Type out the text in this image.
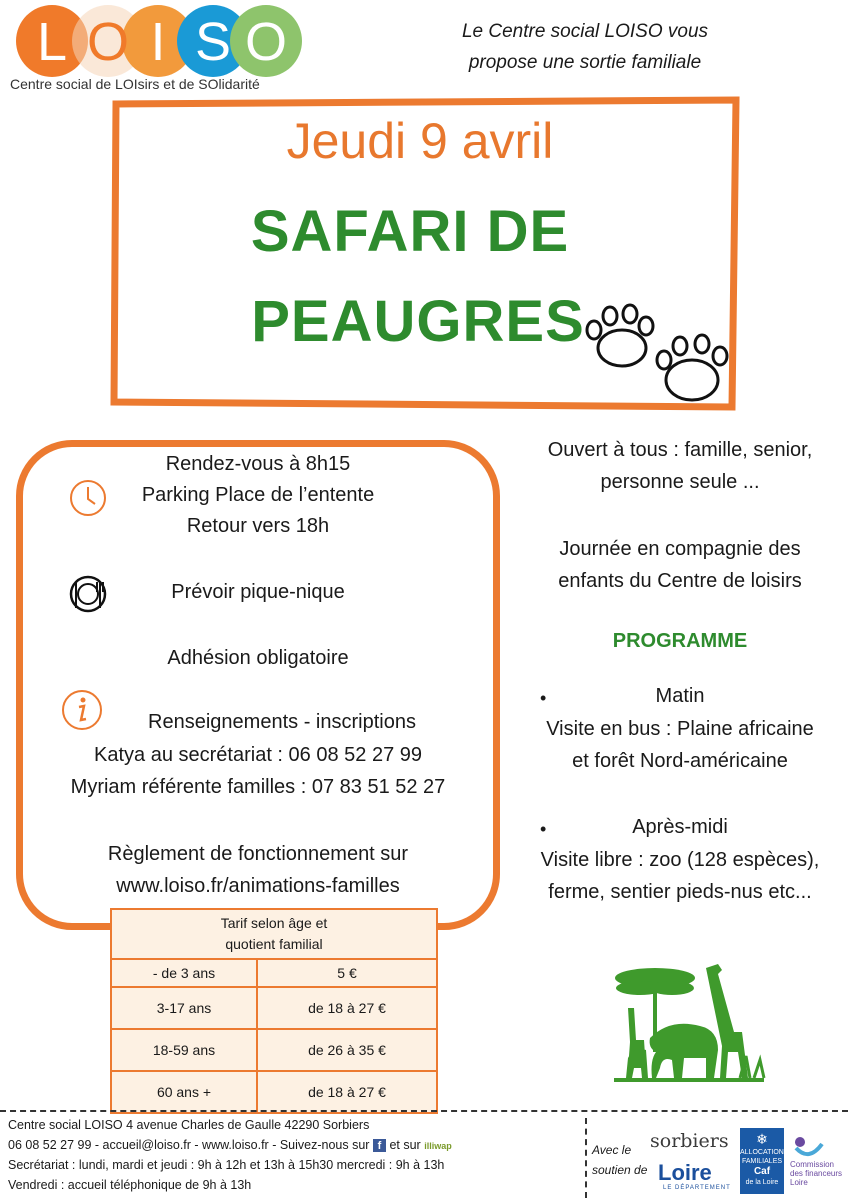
L O I S O
Centre social de LOIsirs et de SOlidarité
Le Centre social LOISO vous
propose une sortie familiale
Jeudi 9 avril
SAFARI DE
PEAUGRES
Rendez-vous à 8h15
Parking Place de l’entente
Retour vers 18h
Prévoir pique-nique
Adhésion obligatoire
Renseignements - inscriptions
Katya au secrétariat : 06 08 52 27 99
Myriam référente familles : 07 83 51 52 27
Règlement de fonctionnement sur
www.loiso.fr/animations-familles
Tarif selon âge et
quotient familial	

- de 3 ans	5 €
3-17 ans	de 18 à 27 €
18-59 ans	de 26 à 35 €
60 ans +	de 18 à 27 €
Ouvert à tous : famille, senior,
personne seule ...
Journée en compagnie des
enfants du Centre de loisirs
PROGRAMME
•	Matin
Visite en bus : Plaine africaine
et forêt Nord-américaine
•	Après-midi
Visite libre : zoo (128 espèces),
ferme, sentier pieds-nus etc...
Centre social LOISO 4 avenue Charles de Gaulle 42290 Sorbiers
06 08 52 27 99 - accueil@loiso.fr - www.loiso.fr - Suivez-nous sur f et sur illiwap
Secrétariat : lundi, mardi et jeudi : 9h à 12h et 13h à 15h30 mercredi : 9h à 13h
Vendredi : accueil téléphonique de 9h à 13h
Avec le
soutien de
sorbiers
Loire
LE DÉPARTEMENT
❄
ALLOCATIONS
FAMILIALES
Caf
de la Loire
Commission
des financeurs
Loire
